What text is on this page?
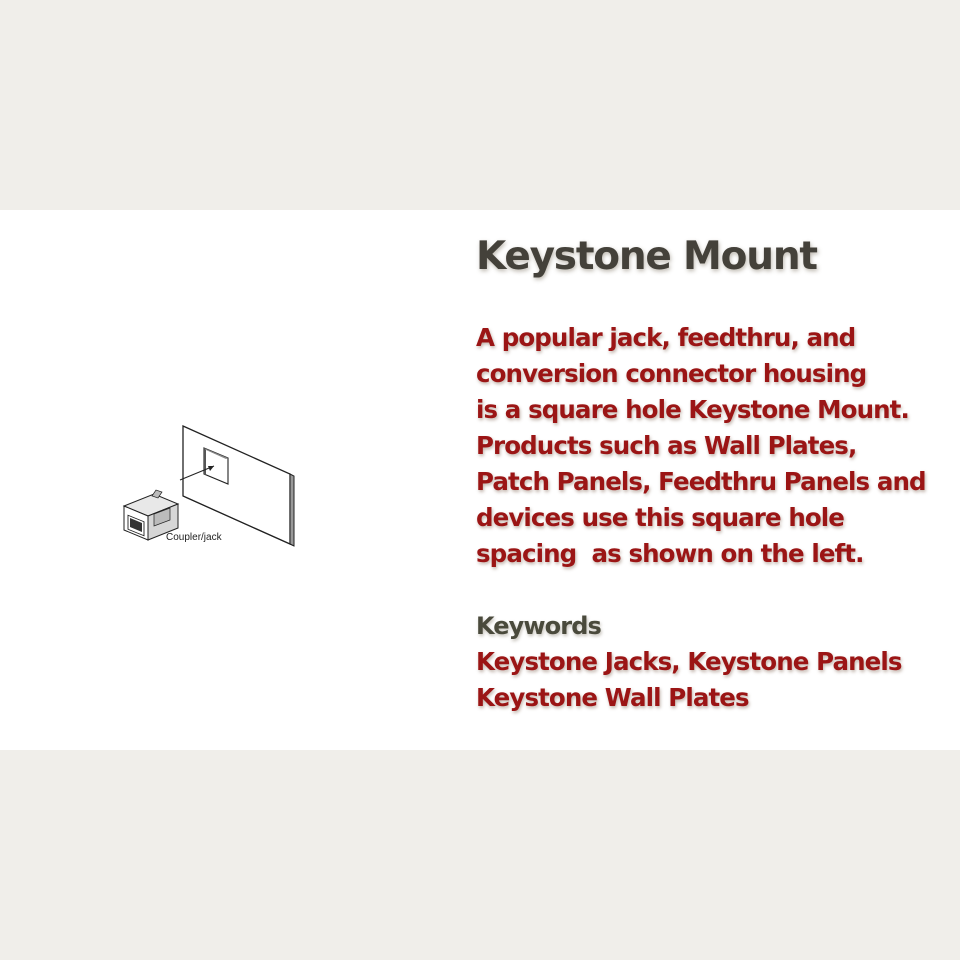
Coupler/jack
Keystone Mount
A popular jack, feedthru, and
conversion connector housing
is a square hole Keystone Mount.
Products such as Wall Plates,
Patch Panels, Feedthru Panels and
devices use this square hole
spacing  as shown on the left.
Keywords
Keystone Jacks, Keystone Panels
Keystone Wall Plates
